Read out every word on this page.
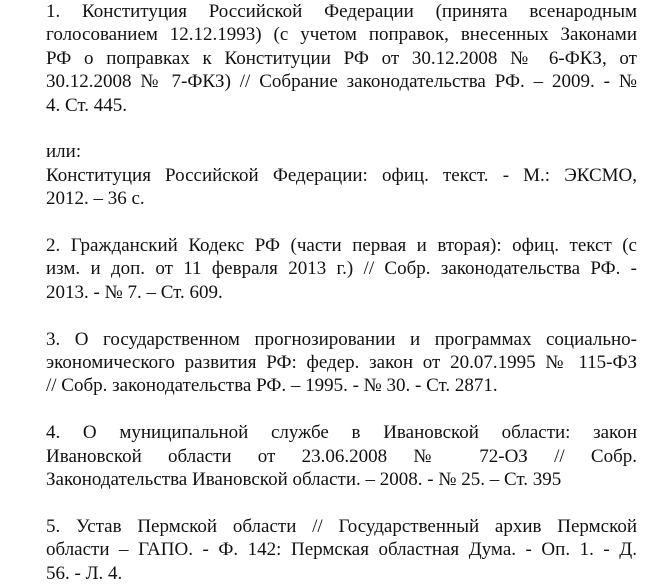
1. Конституция Российской Федерации (принята всенародным
голосованием 12.12.1993) (с учетом поправок, внесенных Законами
РФ о поправках к Конституции РФ от 30.12.2008 № 6-ФКЗ, от
30.12.2008 № 7-ФКЗ) // Собрание законодательства РФ. – 2009. - №
4. Ст. 445.

или:
Конституция Российской Федерации: офиц. текст. - М.: ЭКСМО,
2012. – 36 с.

2. Гражданский Кодекс РФ (части первая и вторая): офиц. текст (с
изм. и доп. от 11 февраля 2013 г.) // Собр. законодательства РФ. -
2013. - № 7. – Ст. 609.

3. О государственном прогнозировании и программах социально-
экономического развития РФ: федер. закон от 20.07.1995 № 115-ФЗ
// Собр. законодательства РФ. – 1995. - № 30. - Ст. 2871.

4. О муниципальной службе в Ивановской области: закон
Ивановской области от 23.06.2008 № 72-ОЗ // Собр.
Законодательства Ивановской области. – 2008. - № 25. – Ст. 395

5. Устав Пермской области // Государственный архив Пермской
области – ГАПО. - Ф. 142: Пермская областная Дума. - Оп. 1. - Д.
56. - Л. 4.
